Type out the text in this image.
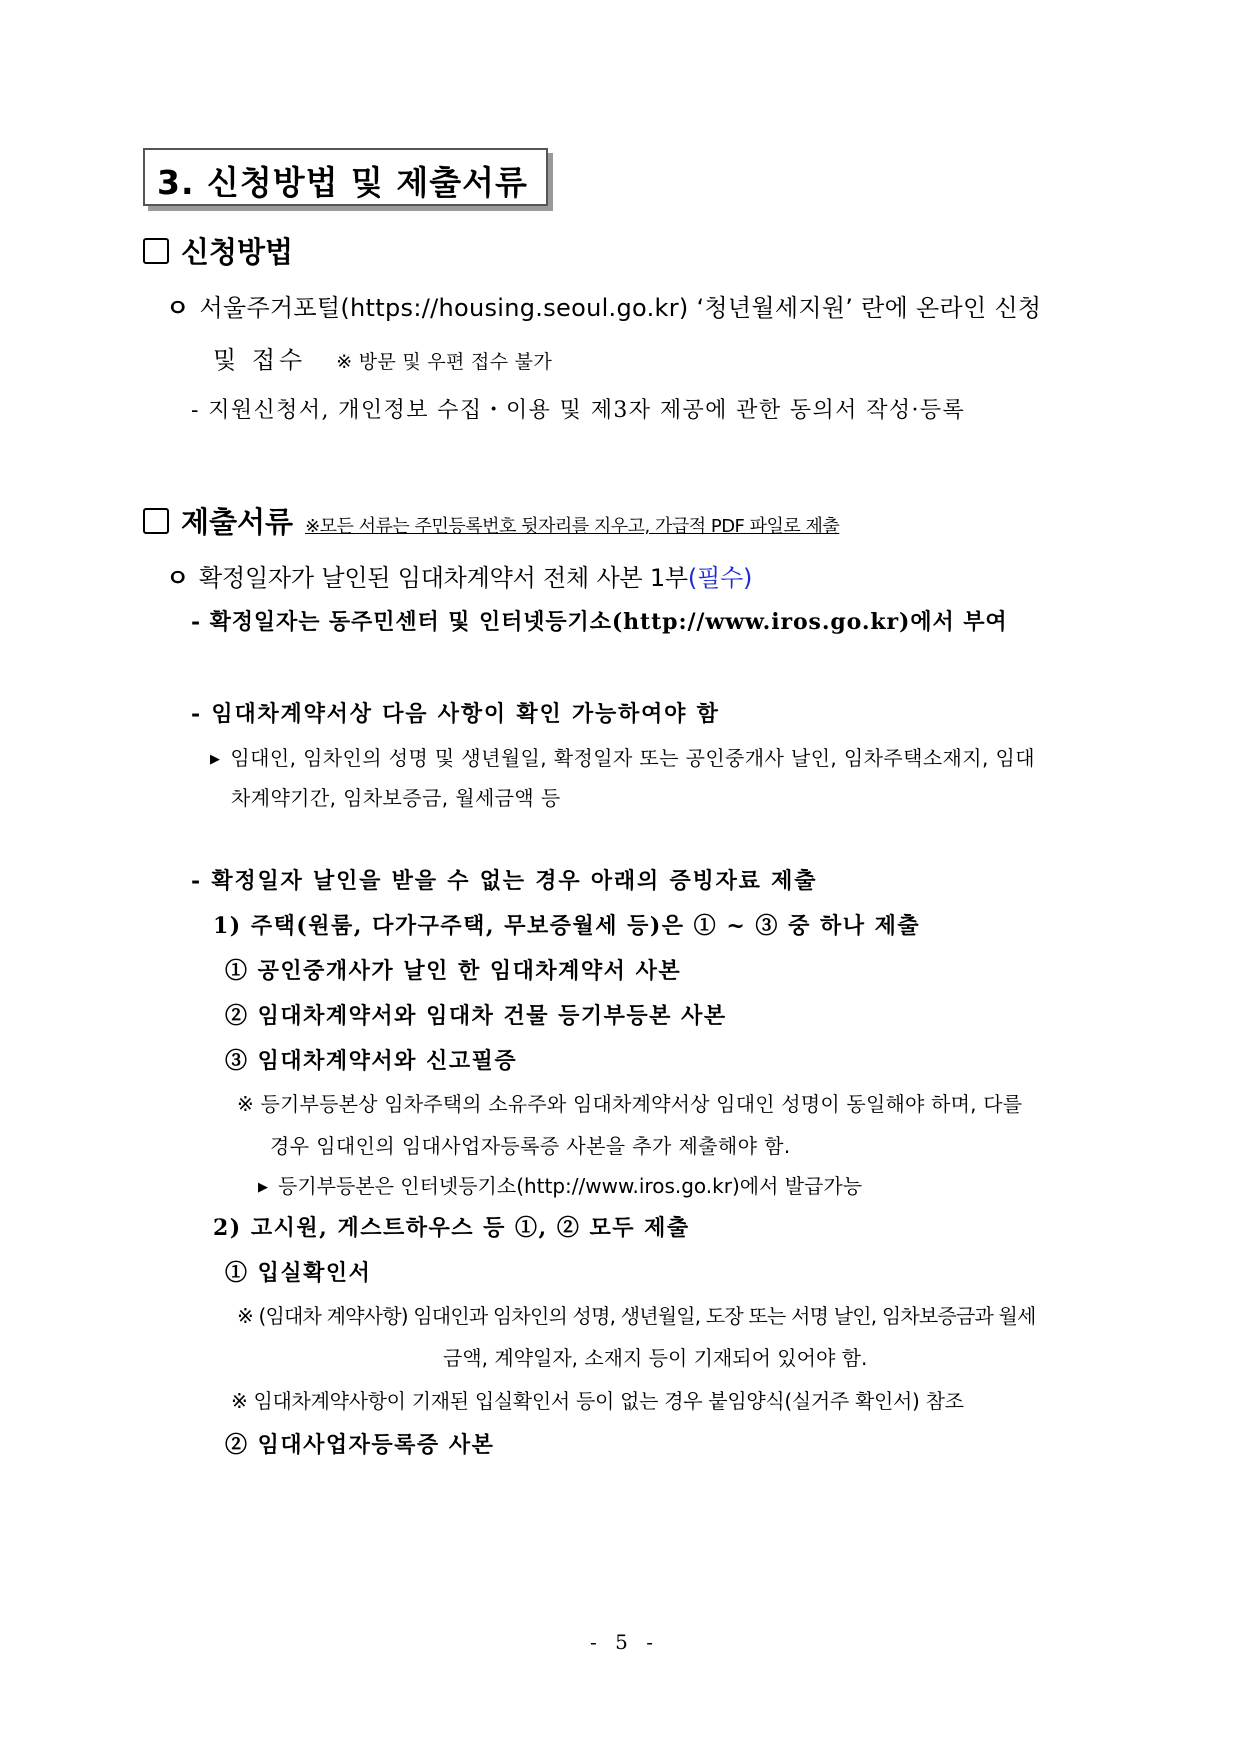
3. 신청방법 및 제출서류
신청방법
ㅇ 서울주거포털(https://housing.seoul.go.kr) ‘청년월세지원’ 란에 온라인 신청
및 접수 ※ 방문 및 우편 접수 불가
- 지원신청서, 개인정보 수집・이용 및 제3자 제공에 관한 동의서 작성·등록
제출서류 ※모든 서류는 주민등록번호 뒷자리를 지우고, 가급적 PDF 파일로 제출
ㅇ 확정일자가 날인된 임대차계약서 전체 사본 1부(필수)
- 확정일자는 동주민센터 및 인터넷등기소(http://www.iros.go.kr)에서 부여
- 임대차계약서상 다음 사항이 확인 가능하여야 함
▶ 임대인, 임차인의 성명 및 생년월일, 확정일자 또는 공인중개사 날인, 임차주택소재지, 임대
차계약기간, 임차보증금, 월세금액 등
- 확정일자 날인을 받을 수 없는 경우 아래의 증빙자료 제출
1) 주택(원룸, 다가구주택, 무보증월세 등)은 ① ~ ③ 중 하나 제출
① 공인중개사가 날인 한 임대차계약서 사본
② 임대차계약서와 임대차 건물 등기부등본 사본
③ 임대차계약서와 신고필증
※ 등기부등본상 임차주택의 소유주와 임대차계약서상 임대인 성명이 동일해야 하며, 다를
경우 임대인의 임대사업자등록증 사본을 추가 제출해야 함.
▶ 등기부등본은 인터넷등기소(http://www.iros.go.kr)에서 발급가능
2) 고시원, 게스트하우스 등 ①, ② 모두 제출
① 입실확인서
※ (임대차 계약사항) 임대인과 임차인의 성명, 생년월일, 도장 또는 서명 날인, 임차보증금과 월세
금액, 계약일자, 소재지 등이 기재되어 있어야 함.
※ 임대차계약사항이 기재된 입실확인서 등이 없는 경우 붙임양식(실거주 확인서) 참조
② 임대사업자등록증 사본
- 5 -
